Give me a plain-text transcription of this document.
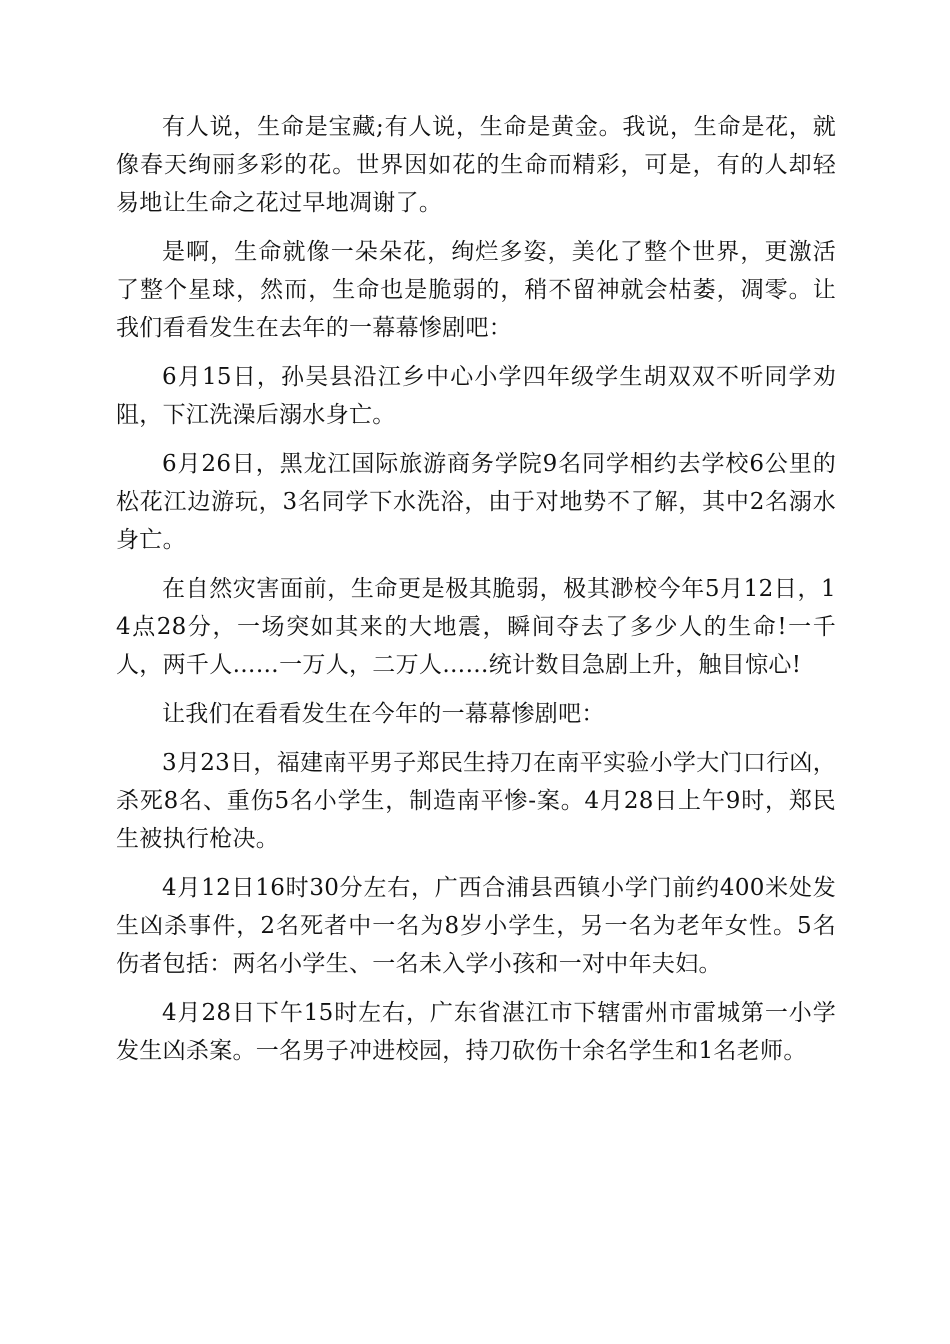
有人说，生命是宝藏;有人说，生命是黄金。我说，生命是花，就像春天绚丽多彩的花。世界因如花的生命而精彩，可是，有的人却轻易地让生命之花过早地凋谢了。

是啊，生命就像一朵朵花，绚烂多姿，美化了整个世界，更激活了整个星球，然而，生命也是脆弱的，稍不留神就会枯萎，凋零。让我们看看发生在去年的一幕幕惨剧吧：

6月15日，孙吴县沿江乡中心小学四年级学生胡双双不听同学劝阻，下江洗澡后溺水身亡。

6月26日，黑龙江国际旅游商务学院9名同学相约去学校6公里的松花江边游玩，3名同学下水洗浴，由于对地势不了解，其中2名溺水身亡。

在自然灾害面前，生命更是极其脆弱，极其渺校今年5月12日，14点28分，一场突如其来的大地震，瞬间夺去了多少人的生命!一千人，两千人……一万人，二万人……统计数目急剧上升，触目惊心!

让我们在看看发生在今年的一幕幕惨剧吧：

3月23日，福建南平男子郑民生持刀在南平实验小学大门口行凶，杀死8名、重伤5名小学生，制造南平惨-案。4月28日上午9时，郑民生被执行枪决。

4月12日16时30分左右，广西合浦县西镇小学门前约400米处发生凶杀事件，2名死者中一名为8岁小学生，另一名为老年女性。5名伤者包括：两名小学生、一名未入学小孩和一对中年夫妇。

4月28日下午15时左右，广东省湛江市下辖雷州市雷城第一小学发生凶杀案。一名男子冲进校园，持刀砍伤十余名学生和1名老师。
